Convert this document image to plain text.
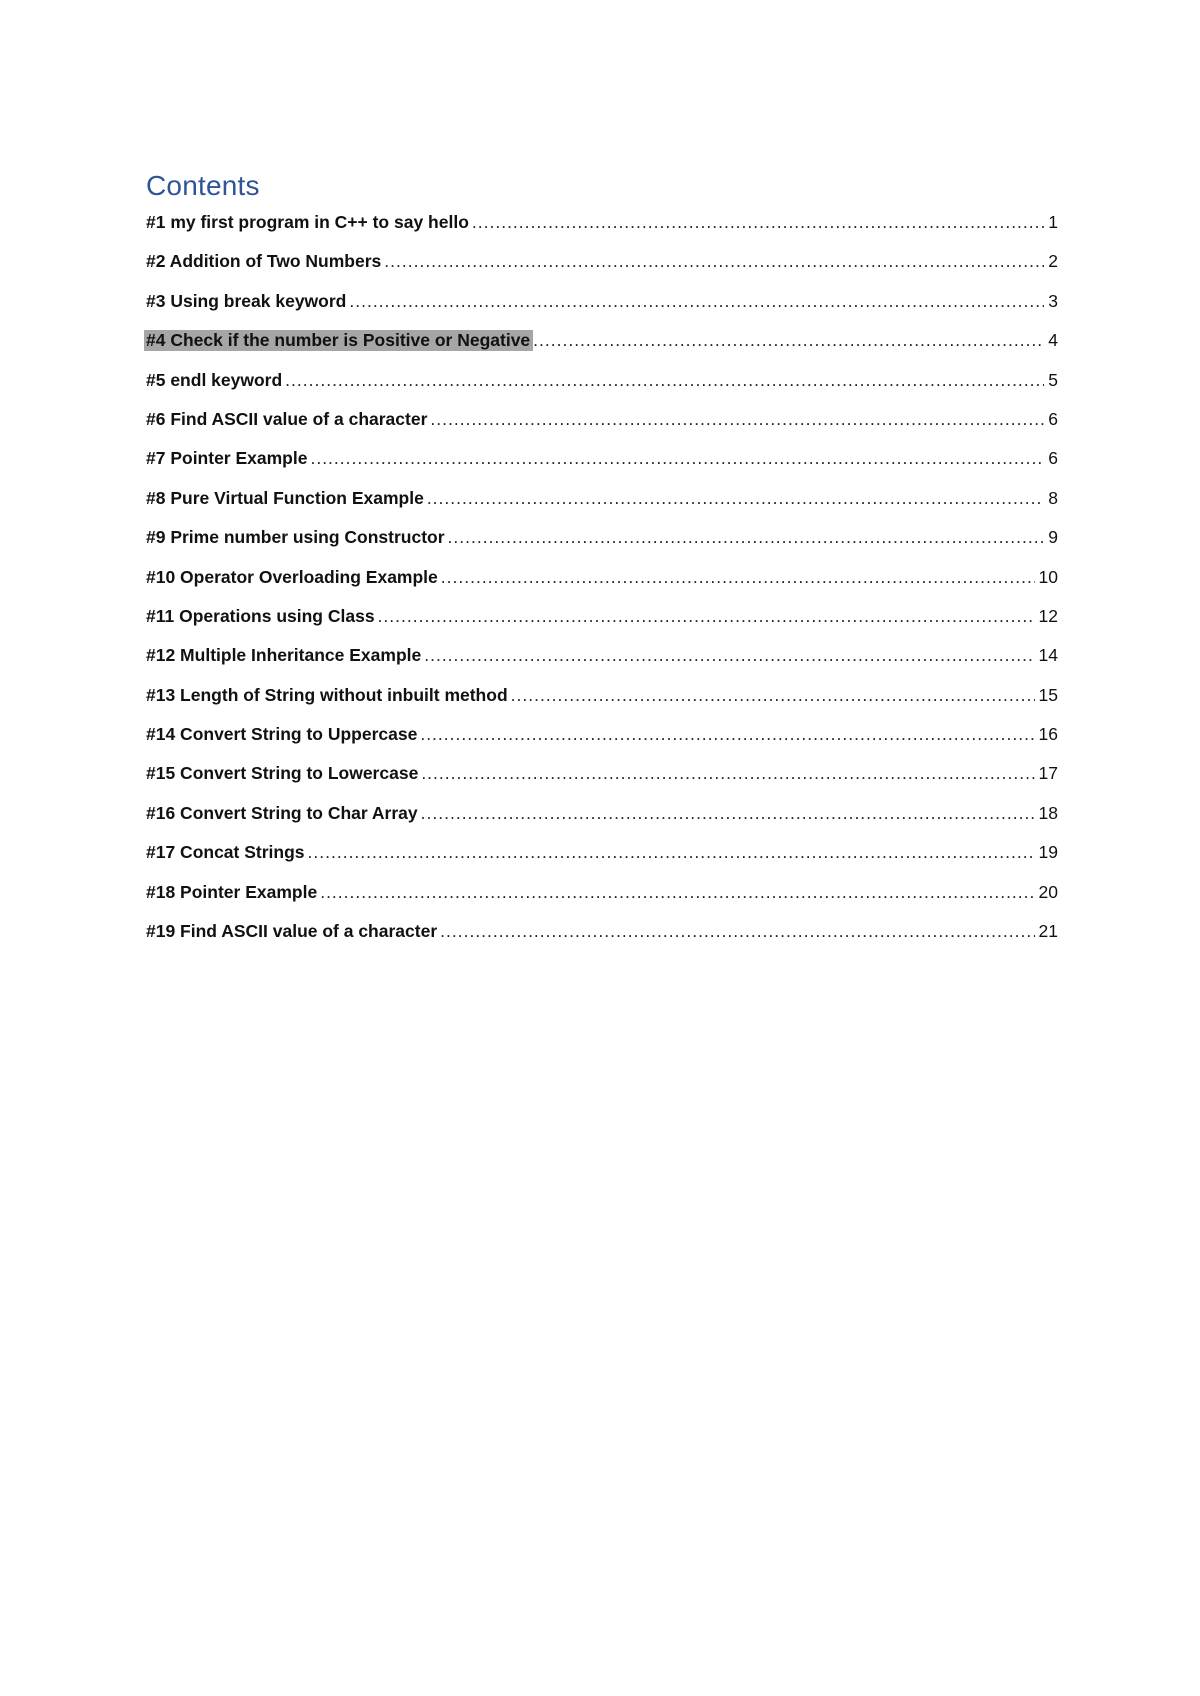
Contents
#1 my first program in C++ to say hello .....	1
#2 Addition of Two Numbers .....	2
#3 Using break keyword .....	3
#4 Check if the number is Positive or Negative .....	4
#5 endl keyword .....	5
#6 Find ASCII value of a character .....	6
#7 Pointer Example .....	6
#8 Pure Virtual Function Example .....	8
#9 Prime number using Constructor .....	9
#10 Operator Overloading Example .....	10
#11 Operations using Class .....	12
#12 Multiple Inheritance Example .....	14
#13 Length of String without inbuilt method .....	15
#14 Convert String to Uppercase .....	16
#15 Convert String to Lowercase .....	17
#16 Convert String to Char Array .....	18
#17 Concat Strings .....	19
#18 Pointer Example .....	20
#19 Find ASCII value of a character .....	21
